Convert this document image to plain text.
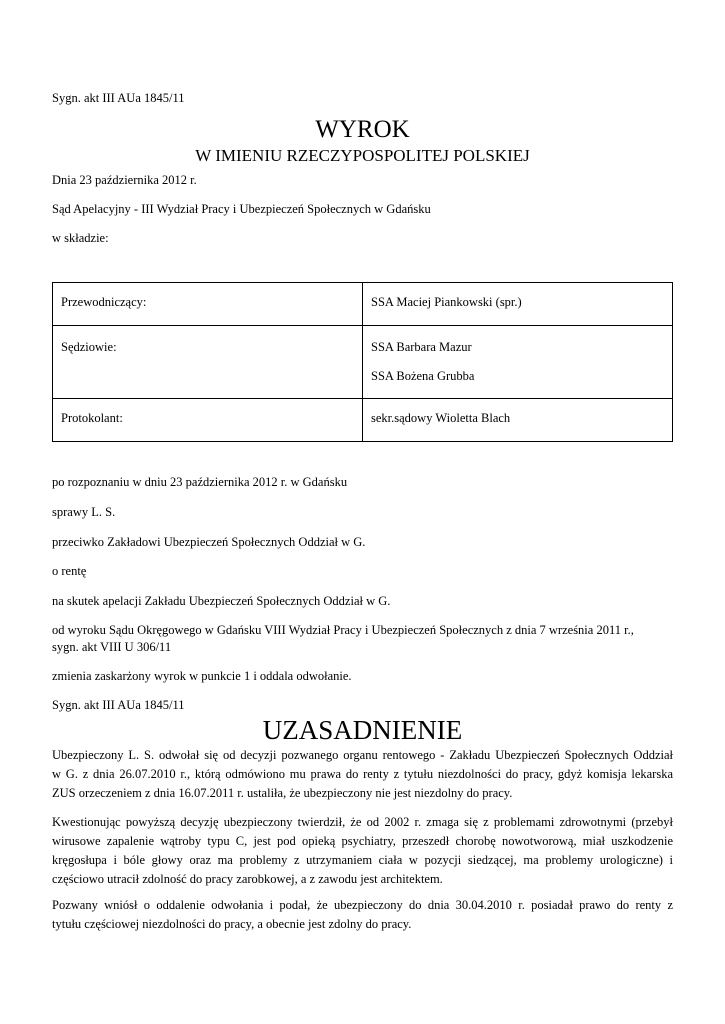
Sygn. akt III AUa 1845/11
WYROK
W IMIENIU RZECZYPOSPOLITEJ POLSKIEJ
Dnia 23 października 2012 r.
Sąd Apelacyjny - III Wydział Pracy i Ubezpieczeń Społecznych w Gdańsku
w składzie:
Przewodniczący:	SSA Maciej Piankowski (spr.)

Sędziowie:	SSA Barbara Mazur
SSA Bożena Grubba

Protokolant:	sekr.sądowy Wioletta Blach
po rozpoznaniu w dniu 23 października 2012 r. w Gdańsku
sprawy L. S.
przeciwko Zakładowi Ubezpieczeń Społecznych Oddział w G.
o rentę
na skutek apelacji Zakładu Ubezpieczeń Społecznych Oddział w G.
od wyroku Sądu Okręgowego w Gdańsku VIII Wydział Pracy i Ubezpieczeń Społecznych z dnia 7 września 2011 r.,
sygn. akt VIII U 306/11
zmienia zaskarżony wyrok w punkcie 1 i oddala odwołanie.
Sygn. akt III AUa 1845/11
UZASADNIENIE
Ubezpieczony L. S. odwołał się od decyzji pozwanego organu rentowego - Zakładu Ubezpieczeń Społecznych Oddział
w G. z dnia 26.07.2010 r., którą odmówiono mu prawa do renty z tytułu niezdolności do pracy, gdyż komisja lekarska
ZUS orzeczeniem z dnia 16.07.2011 r. ustaliła, że ubezpieczony nie jest niezdolny do pracy.
Kwestionując powyższą decyzję ubezpieczony twierdził, że od 2002 r. zmaga się z problemami zdrowotnymi (przebył
wirusowe zapalenie wątroby typu C, jest pod opieką psychiatry, przeszedł chorobę nowotworową, miał uszkodzenie
kręgosłupa i bóle głowy oraz ma problemy z utrzymaniem ciała w pozycji siedzącej, ma problemy urologiczne) i
częściowo utracił zdolność do pracy zarobkowej, a z zawodu jest architektem.
Pozwany wniósł o oddalenie odwołania i podał, że ubezpieczony do dnia 30.04.2010 r. posiadał prawo do renty z
tytułu częściowej niezdolności do pracy, a obecnie jest zdolny do pracy.
